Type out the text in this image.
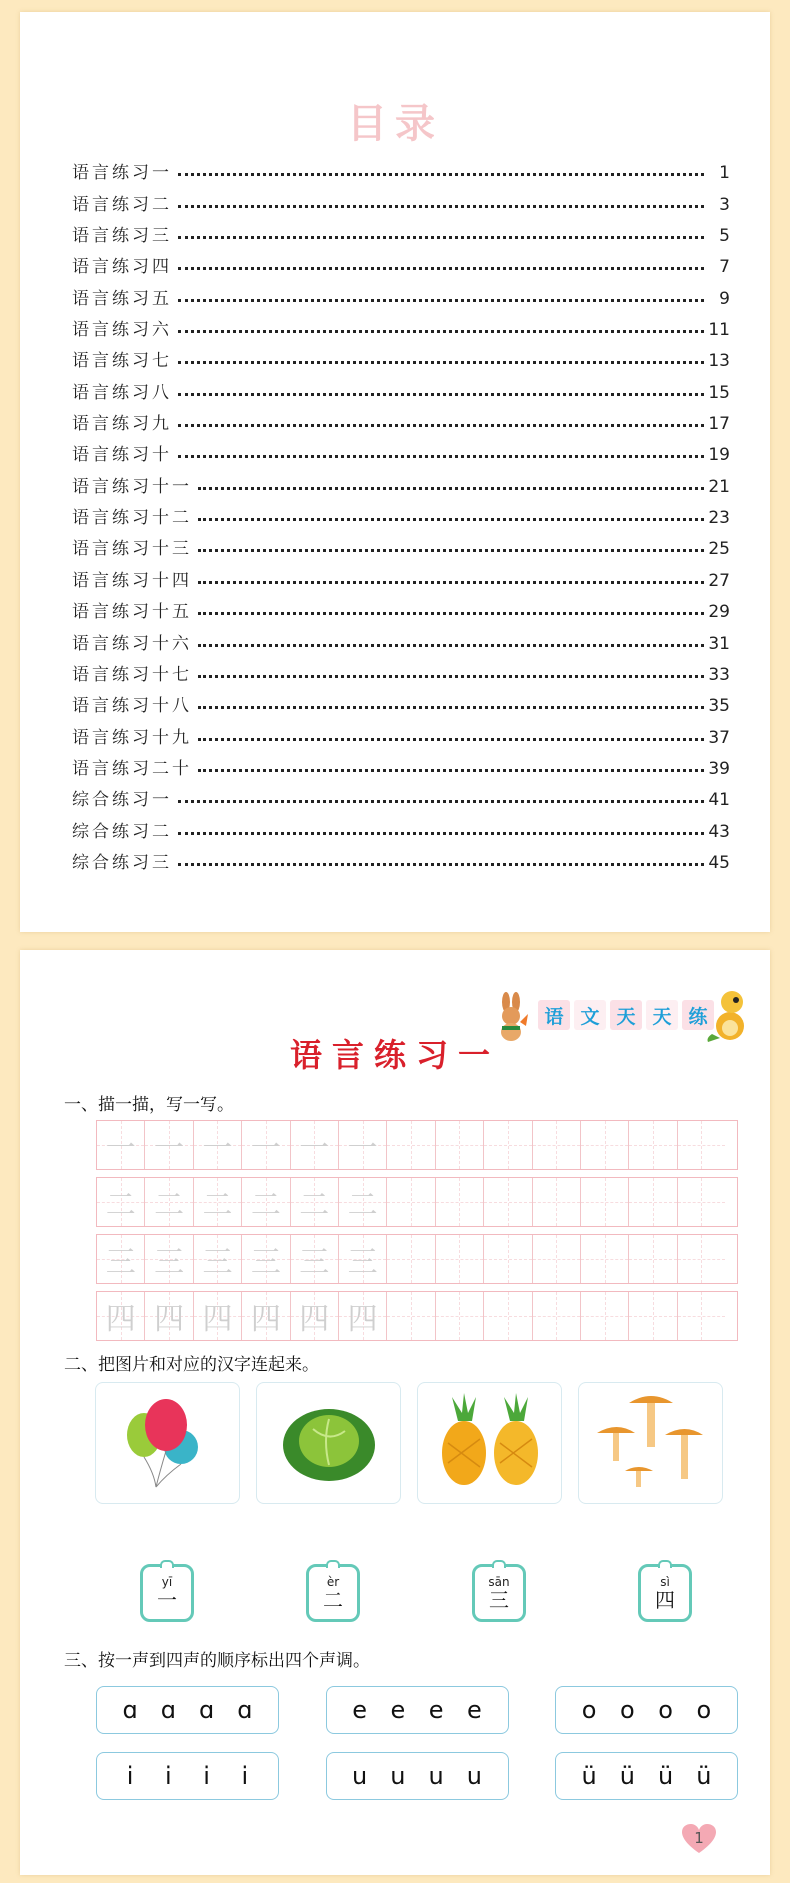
目录
语言练习一	1
语言练习二	3
语言练习三	5
语言练习四	7
语言练习五	9
语言练习六	11
语言练习七	13
语言练习八	15
语言练习九	17
语言练习十	19
语言练习十一	21
语言练习十二	23
语言练习十三	25
语言练习十四	27
语言练习十五	29
语言练习十六	31
语言练习十七	33
语言练习十八	35
语言练习十九	37
语言练习二十	39
综合练习一	41
综合练习二	43
综合练习三	45
语 文 天 天 练
语言练习一
一、描一描，写一写。
一 一 一 一 一 一
二 二 二 二 二 二
三 三 三 三 三 三
四 四 四 四 四 四
二、把图片和对应的汉字连起来。
yī
一
èr
二
sān
三
sì
四
三、按一声到四声的顺序标出四个声调。
ɑ ɑ ɑ ɑ	e e e e	o o o o
i i i i	u u u u	ü ü ü ü
1
